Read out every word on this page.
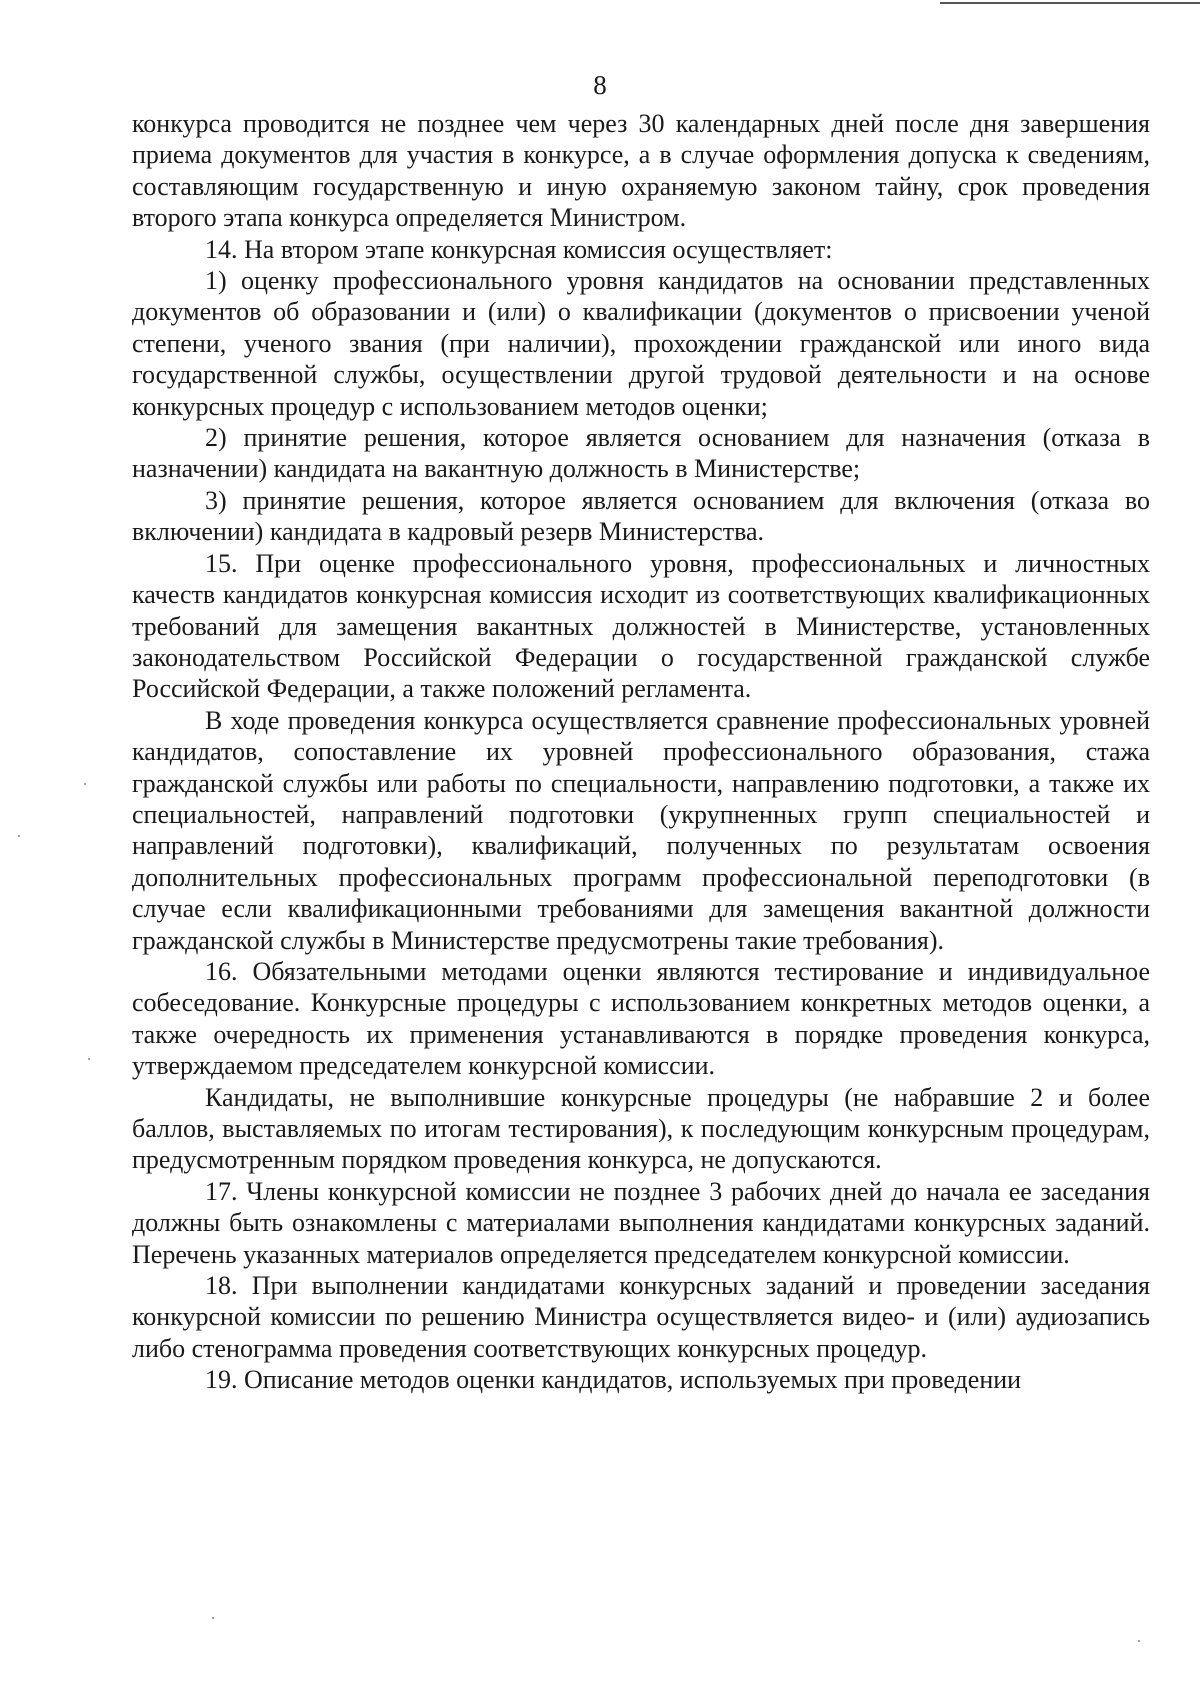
8

конкурса проводится не позднее чем через 30 календарных дней после дня завершения приема документов для участия в конкурсе, а в случае оформления допуска к сведениям, составляющим государственную и иную охраняемую законом тайну, срок проведения второго этапа конкурса определяется Министром.

14. На втором этапе конкурсная комиссия осуществляет:

1) оценку профессионального уровня кандидатов на основании представленных документов об образовании и (или) о квалификации (документов о присвоении ученой степени, ученого звания (при наличии), прохождении гражданской или иного вида государственной службы, осуществлении другой трудовой деятельности и на основе конкурсных процедур с использованием методов оценки;

2) принятие решения, которое является основанием для назначения (отказа в назначении) кандидата на вакантную должность в Министерстве;

3) принятие решения, которое является основанием для включения (отказа во включении) кандидата в кадровый резерв Министерства.

15. При оценке профессионального уровня, профессиональных и личностных качеств кандидатов конкурсная комиссия исходит из соответствующих квалификационных требований для замещения вакантных должностей в Министерстве, установленных законодательством Российской Федерации о государственной гражданской службе Российской Федерации, а также положений регламента.

В ходе проведения конкурса осуществляется сравнение профессиональных уровней кандидатов, сопоставление их уровней профессионального образования, стажа гражданской службы или работы по специальности, направлению подготовки, а также их специальностей, направлений подготовки (укрупненных групп специальностей и направлений подготовки), квалификаций, полученных по результатам освоения дополнительных профессиональных программ профессиональной переподготовки (в случае если квалификационными требованиями для замещения вакантной должности гражданской службы в Министерстве предусмотрены такие требования).

16. Обязательными методами оценки являются тестирование и индивидуальное собеседование. Конкурсные процедуры с использованием конкретных методов оценки, а также очередность их применения устанавливаются в порядке проведения конкурса, утверждаемом председателем конкурсной комиссии.

Кандидаты, не выполнившие конкурсные процедуры (не набравшие 2 и более баллов, выставляемых по итогам тестирования), к последующим конкурсным процедурам, предусмотренным порядком проведения конкурса, не допускаются.

17. Члены конкурсной комиссии не позднее 3 рабочих дней до начала ее заседания должны быть ознакомлены с материалами выполнения кандидатами конкурсных заданий. Перечень указанных материалов определяется председателем конкурсной комиссии.

18. При выполнении кандидатами конкурсных заданий и проведении заседания конкурсной комиссии по решению Министра осуществляется видео- и (или) аудиозапись либо стенограмма проведения соответствующих конкурсных процедур.

19. Описание методов оценки кандидатов, используемых при проведении
